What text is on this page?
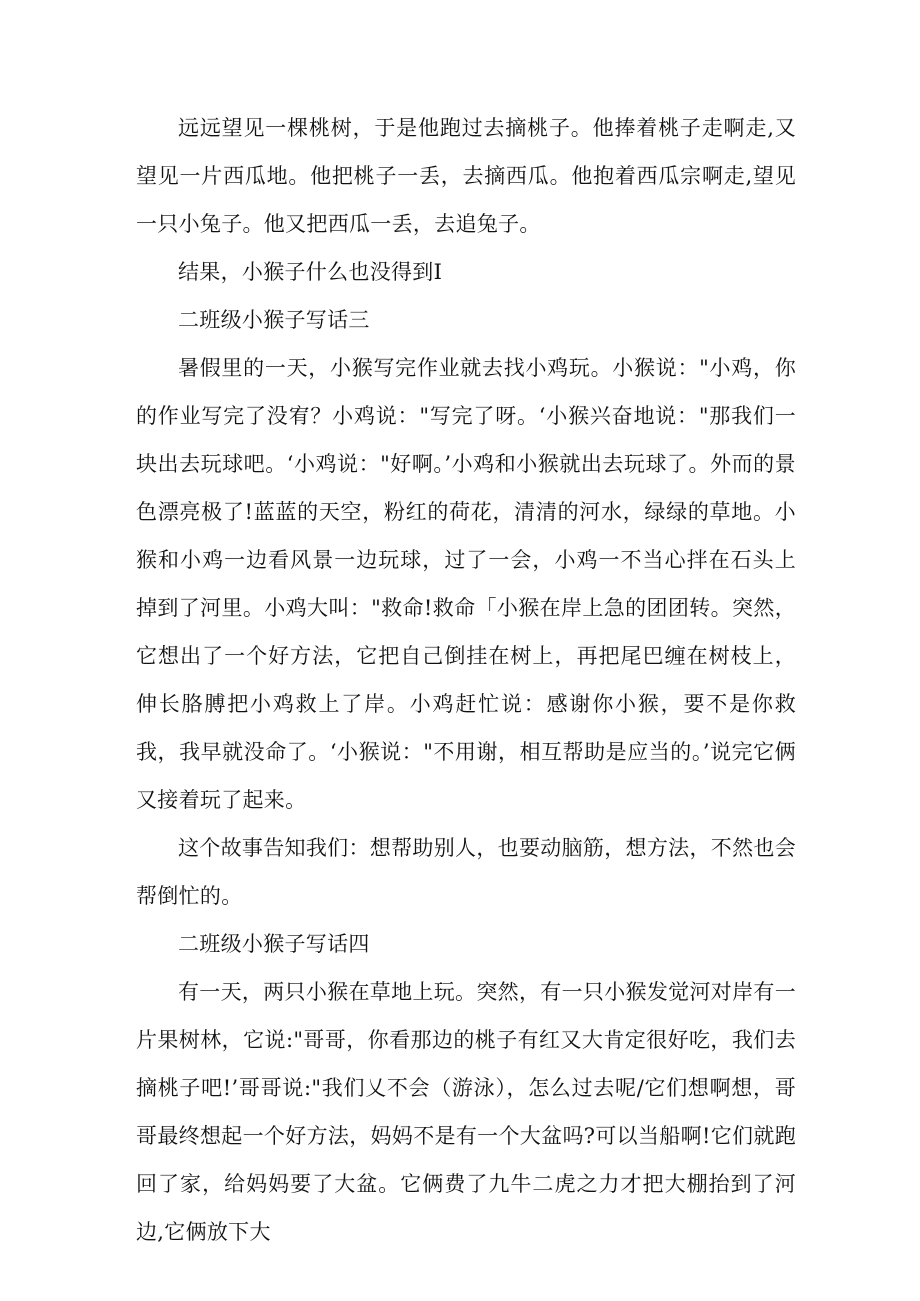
远远望见一棵桃树，于是他跑过去摘桃子。他捧着桃子走啊走,又望见一片西瓜地。他把桃子一丢，去摘西瓜。他抱着西瓜宗啊走,望见一只小兔子。他又把西瓜一丢，去追兔子。

结果，小猴子什么也没得到I

二班级小猴子写话三

暑假里的一天，小猴写完作业就去找小鸡玩。小猴说："小鸡，你的作业写完了没宥？小鸡说："写完了呀。‘小猴兴奋地说："那我们一块出去玩球吧。‘小鸡说："好啊。’小鸡和小猴就出去玩球了。外而的景色漂亮极了!蓝蓝的天空，粉红的荷花，清清的河水，绿绿的草地。小猴和小鸡一边看风景一边玩球，过了一会，小鸡一不当心拌在石头上掉到了河里。小鸡大叫："救命!救命「小猴在岸上急的团团转。突然，它想出了一个好方法，它把自己倒挂在树上，再把尾巴缠在树枝上，伸长胳膊把小鸡救上了岸。小鸡赶忙说：感谢你小猴，要不是你救我，我早就没命了。‘小猴说："不用谢，相互帮助是应当的。’说完它俩又接着玩了起来。

这个故事告知我们：想帮助别人，也要动脑筋，想方法，不然也会帮倒忙的。

二班级小猴子写话四

有一天，两只小猴在草地上玩。突然，有一只小猴发觉河对岸有一片果树林，它说:"哥哥，你看那边的桃子有红又大肯定很好吃，我们去摘桃子吧!’哥哥说:"我们乂不会（游泳），怎么过去呢/它们想啊想，哥哥最终想起一个好方法，妈妈不是有一个大盆吗?可以当船啊!它们就跑回了家，给妈妈要了大盆。它俩费了九牛二虎之力才把大棚抬到了河边,它俩放下大
